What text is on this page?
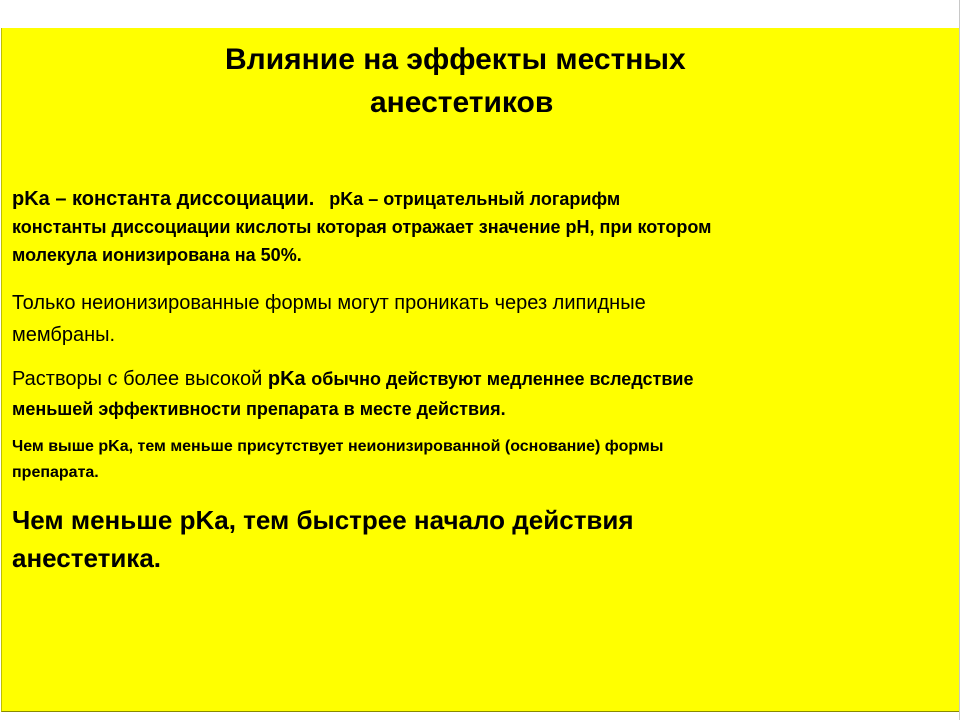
Влияние на эффекты местных
анестетиков
pKa – константа диссоциации. pKa – отрицательный логарифм
константы диссоциации кислоты которая отражает значение pH, при котором
молекула ионизирована на 50%.
Только неионизированные формы могут проникать через липидные
мембраны.
Растворы с более высокой pKa обычно действуют медленнее вследствие
меньшей эффективности препарата в месте действия.
Чем выше pKa, тем меньше присутствует неионизированной (основание) формы
препарата.
Чем меньше pKa, тем быстрее начало действия
анестетика.
